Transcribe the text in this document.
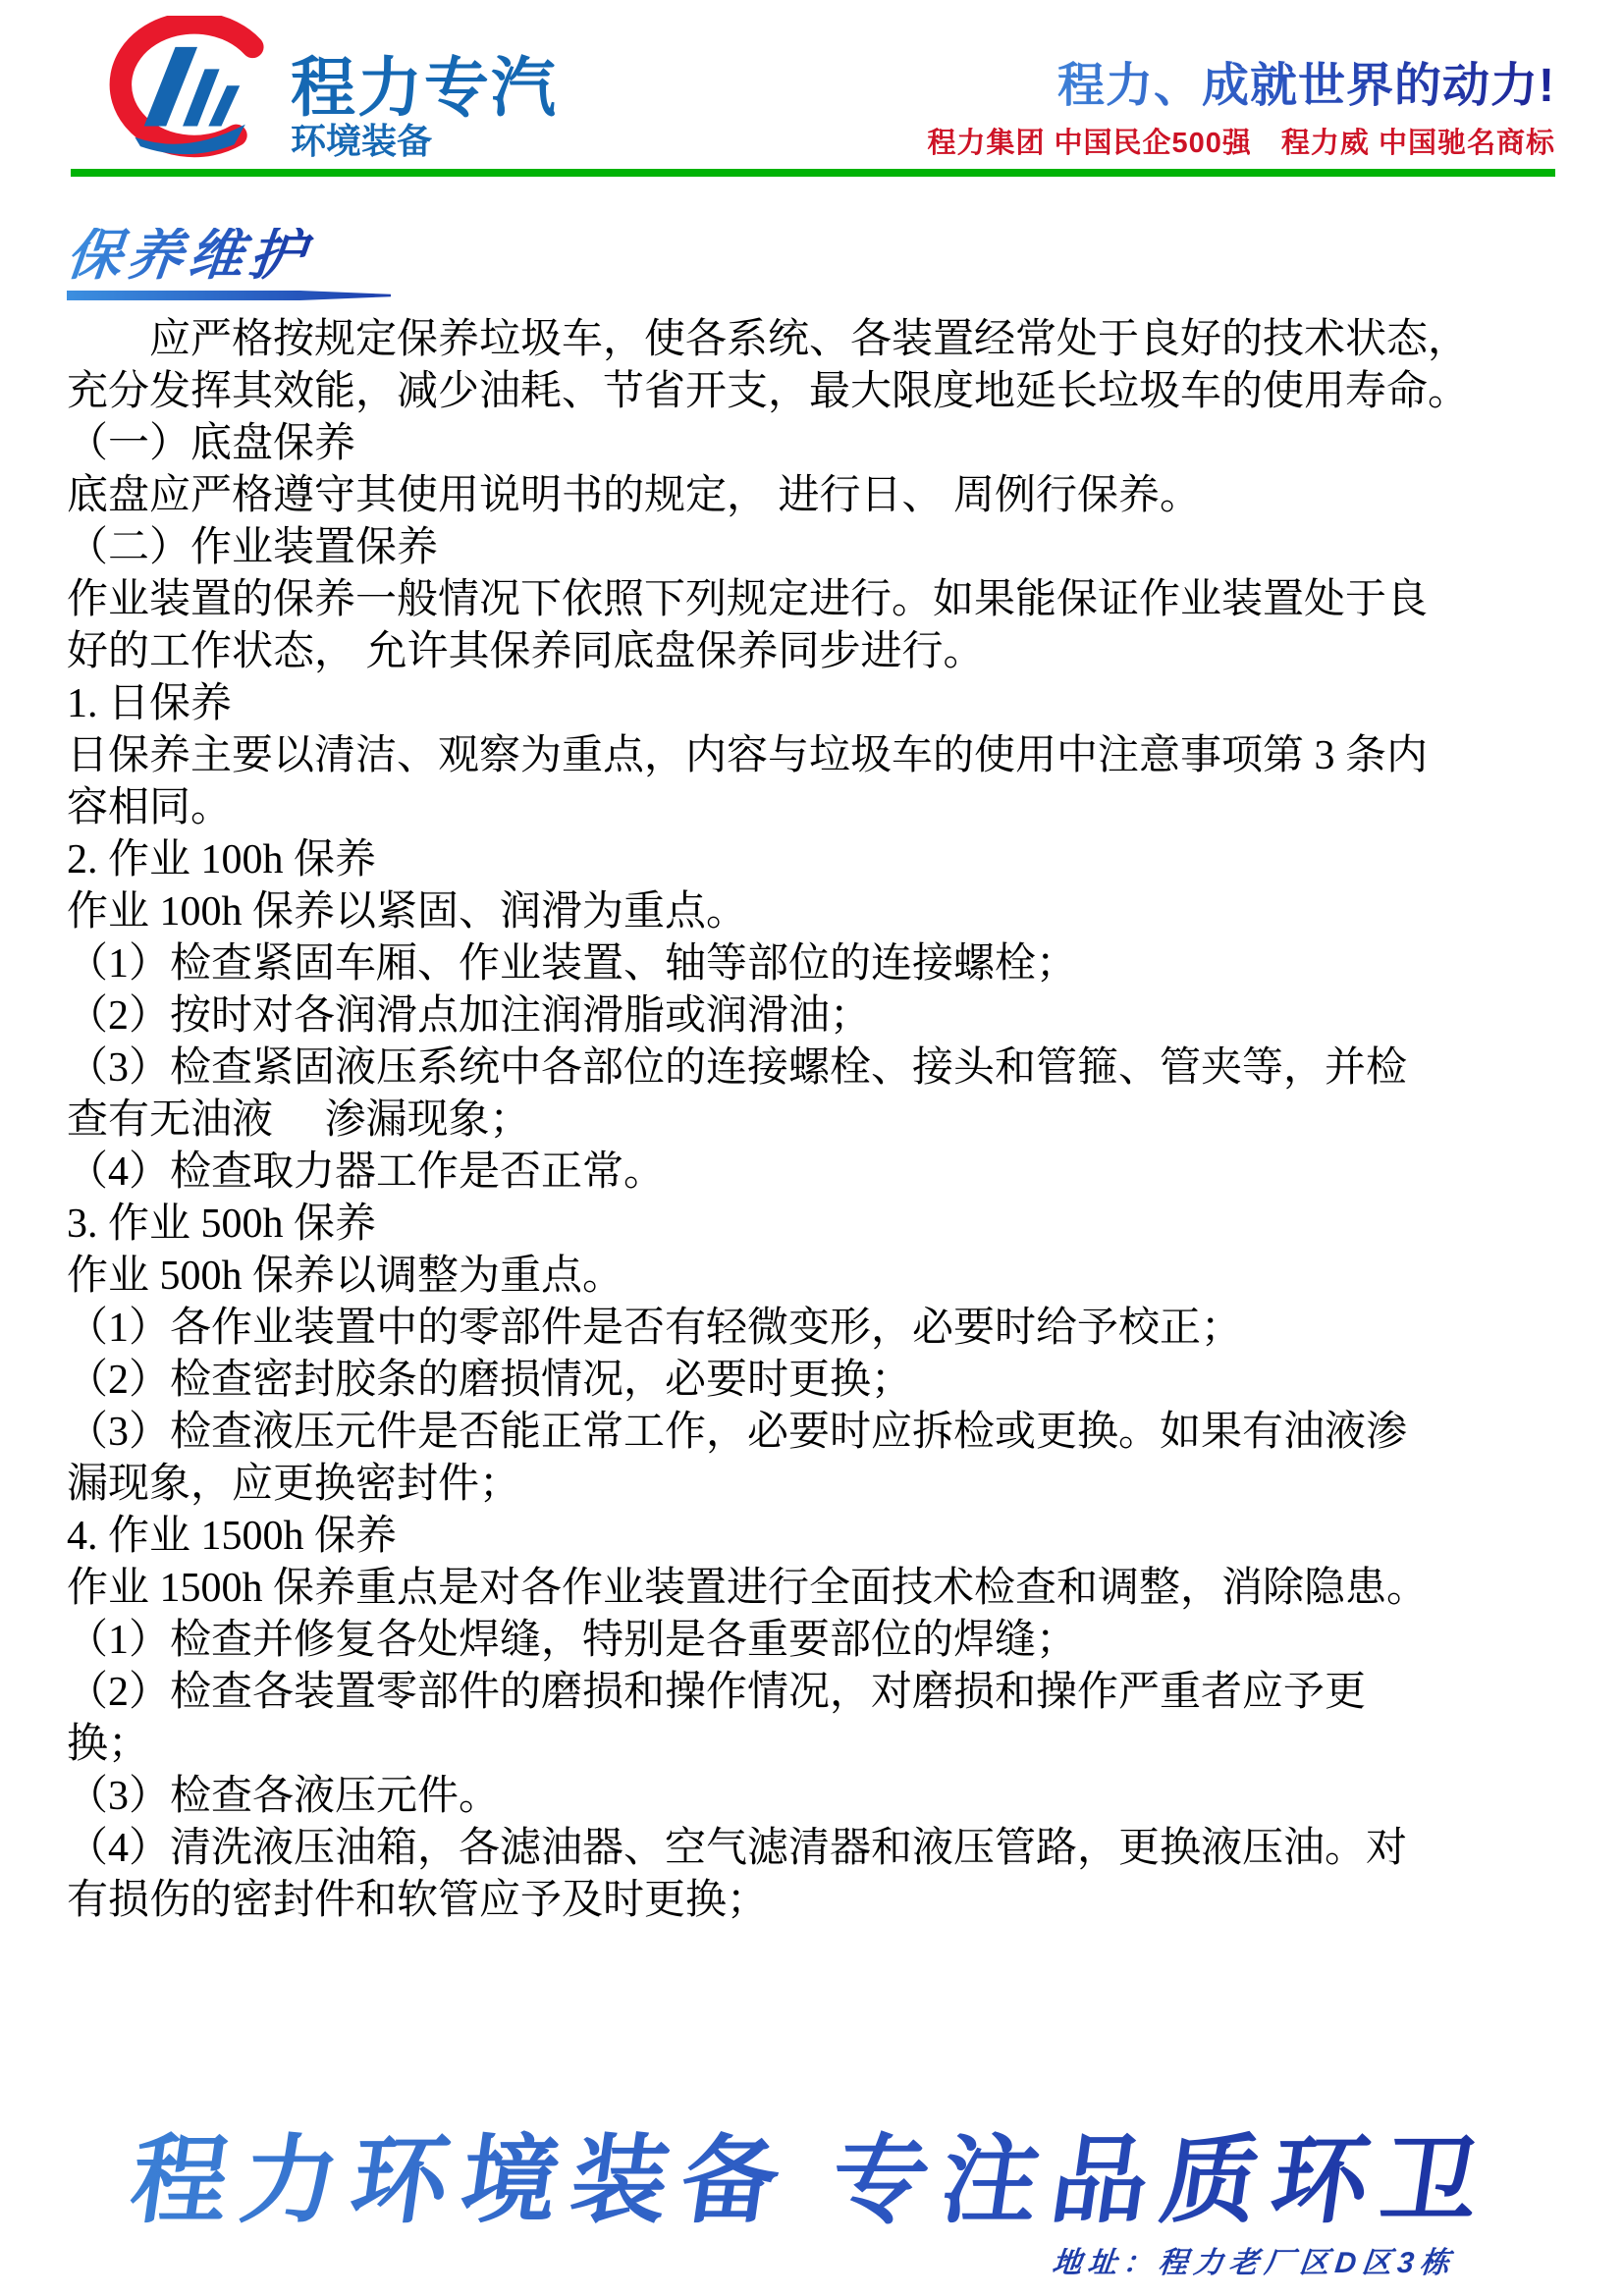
程力专汽
环境装备
程力、成就世界的动力!
程力集团 中国民企500强　程力威 中国驰名商标
保养维护
　　应严格按规定保养垃圾车，使各系统、各装置经常处于良好的技术状态，
充分发挥其效能，减少油耗、节省开支，最大限度地延长垃圾车的使用寿命。
（一）底盘保养
底盘应严格遵守其使用说明书的规定， 进行日、 周例行保养。
（二）作业装置保养
作业装置的保养一般情况下依照下列规定进行。如果能保证作业装置处于良
好的工作状态， 允许其保养同底盘保养同步进行。
1. 日保养
日保养主要以清洁、观察为重点，内容与垃圾车的使用中注意事项第 3 条内
容相同。
2. 作业 100h 保养
作业 100h 保养以紧固、润滑为重点。
（1）检查紧固车厢、作业装置、轴等部位的连接螺栓；
（2）按时对各润滑点加注润滑脂或润滑油；
（3）检查紧固液压系统中各部位的连接螺栓、接头和管箍、管夹等，并检
查有无油液　 渗漏现象；
（4）检查取力器工作是否正常。
3. 作业 500h 保养
作业 500h 保养以调整为重点。
（1）各作业装置中的零部件是否有轻微变形，必要时给予校正；
（2）检查密封胶条的磨损情况，必要时更换；
（3）检查液压元件是否能正常工作，必要时应拆检或更换。如果有油液渗
漏现象，应更换密封件；
4. 作业 1500h 保养
作业 1500h 保养重点是对各作业装置进行全面技术检查和调整，消除隐患。
（1）检查并修复各处焊缝，特别是各重要部位的焊缝；
（2）检查各装置零部件的磨损和操作情况，对磨损和操作严重者应予更
换；
（3）检查各液压元件。
（4）清洗液压油箱，各滤油器、空气滤清器和液压管路，更换液压油。对
有损伤的密封件和软管应予及时更换；
程力环境装备 专注品质环卫
地址：程力老厂区D区3栋
